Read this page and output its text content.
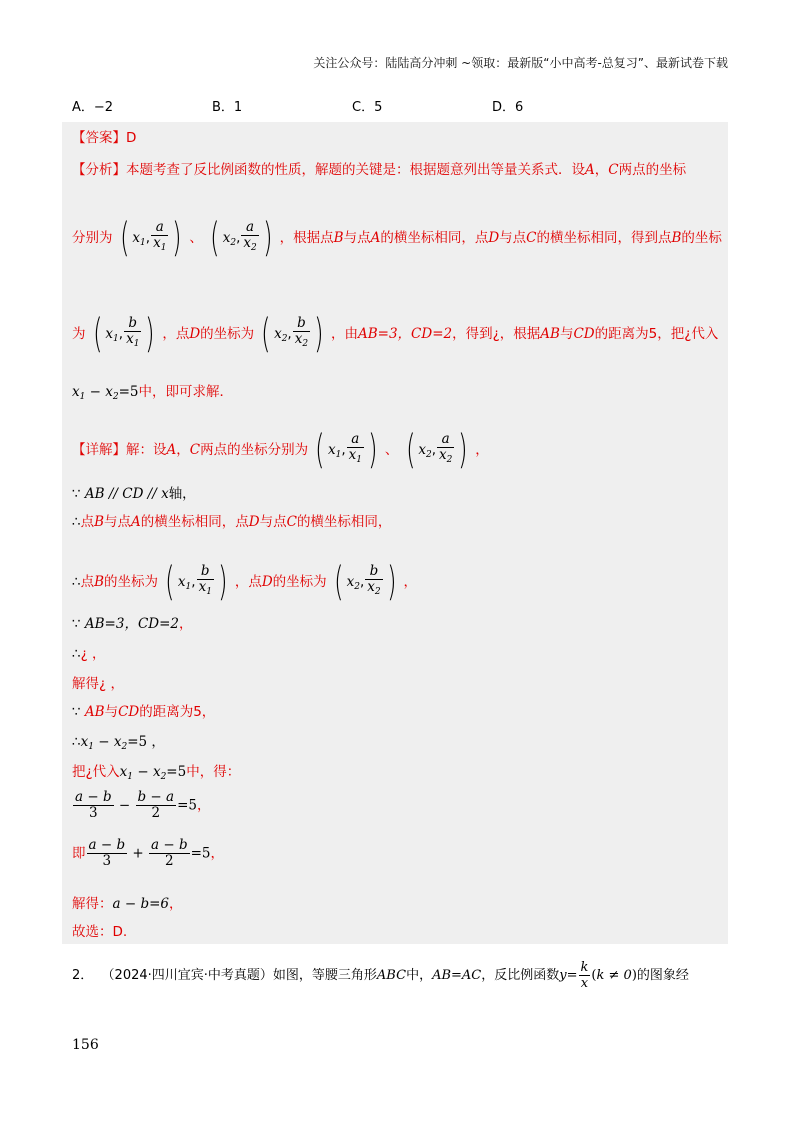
关注公众号：陆陆高分冲刺 ~领取：最新版“小中高考-总复习”、最新试卷下载
A．−2	B．1	C．5	D．6
【答案】D
【分析】本题考查了反比例函数的性质，解题的关键是：根据题意列出等量关系式．设A，C两点的坐标
分别为 ( $x_1$, $\frac{a}{x_1}$ ) 、 ( $x_2$, $\frac{a}{x_2}$ ) ，根据点B与点A的横坐标相同，点D与点C的横坐标相同，得到点B的坐标
为 ( $x_1$, $\frac{b}{x_1}$ ) ，点D的坐标为 ( $x_2$, $\frac{b}{x_2}$ ) ，由AB=3，CD=2，得到¿，根据AB与CD的距离为5，把¿代入
$x_1 - x_2=5$中，即可求解．
【详解】解：设A，C两点的坐标分别为 ( $x_1$, $\frac{a}{x_1}$ ) 、 ( $x_2$, $\frac{a}{x_2}$ ) ，
∵ AB // CD // x轴，
∴点B与点A的横坐标相同，点D与点C的横坐标相同，
∴点B的坐标为 ( $x_1$, $\frac{b}{x_1}$ ) ，点D的坐标为 ( $x_2$, $\frac{b}{x_2}$ ) ，
∵ AB=3，CD=2，
∴¿ ，
解得¿ ，
∵ AB与CD的距离为5，
$\therefore x_1 - x_2=5$ ，
把¿代入$x_1 - x_2=5$中，得：
$\frac{a - b}{3} - \frac{b - a}{2} =5$，
即 $\frac{a - b}{3} + \frac{a - b}{2} =5$，
解得：a − b=6，
故选：D.
2． （2024·四川宜宾·中考真题）如图，等腰三角形ABC中，AB=AC，反比例函数$y= \frac{k}{x} (k \ne 0)$的图象经
156
